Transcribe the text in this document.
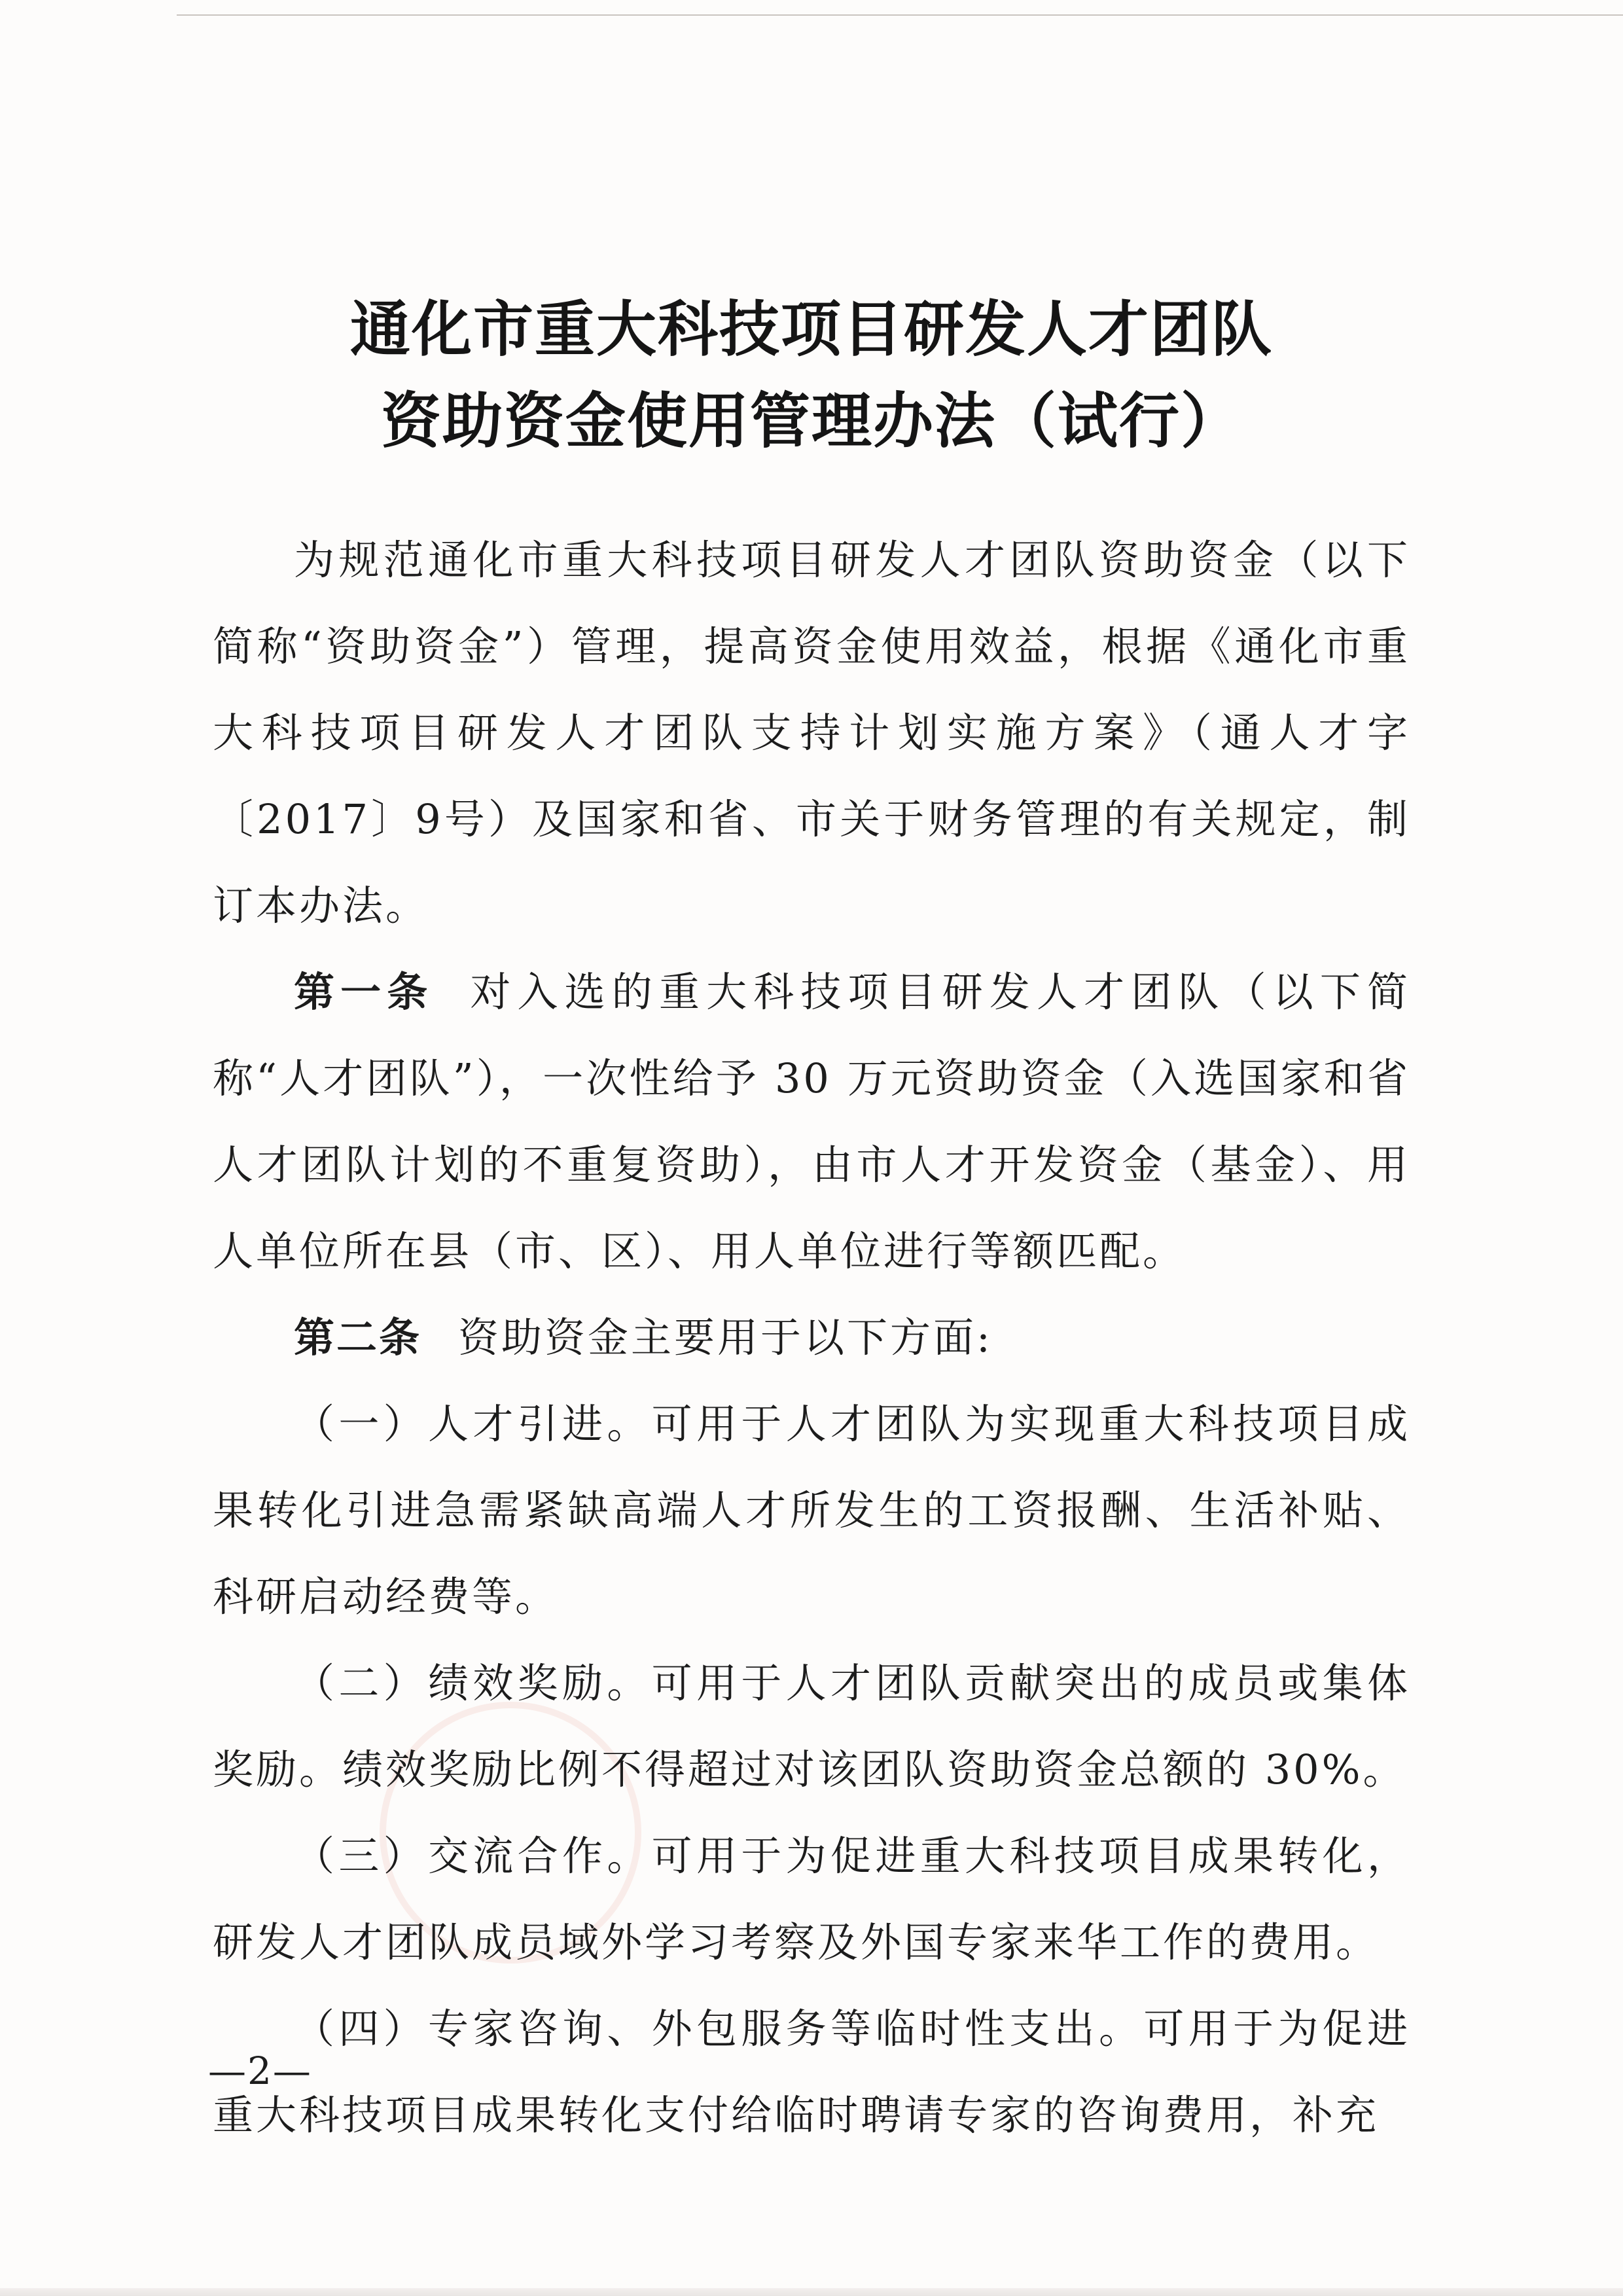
通化市重大科技项目研发人才团队
资助资金使用管理办法（试行）

为规范通化市重大科技项目研发人才团队资助资金（以下简称“资助资金”）管理，提高资金使用效益，根据《通化市重大科技项目研发人才团队支持计划实施方案》（通人才字〔2017〕9号）及国家和省、市关于财务管理的有关规定，制订本办法。

第一条 对入选的重大科技项目研发人才团队（以下简称“人才团队”），一次性给予 30 万元资助资金（入选国家和省人才团队计划的不重复资助），由市人才开发资金（基金）、用人单位所在县（市、区）、用人单位进行等额匹配。

第二条 资助资金主要用于以下方面:

（一）人才引进。可用于人才团队为实现重大科技项目成果转化引进急需紧缺高端人才所发生的工资报酬、生活补贴、科研启动经费等。

（二）绩效奖励。可用于人才团队贡献突出的成员或集体奖励。绩效奖励比例不得超过对该团队资助资金总额的 30%。

（三）交流合作。可用于为促进重大科技项目成果转化，研发人才团队成员域外学习考察及外国专家来华工作的费用。

（四）专家咨询、外包服务等临时性支出。可用于为促进重大科技项目成果转化支付给临时聘请专家的咨询费用，补充

—2—
